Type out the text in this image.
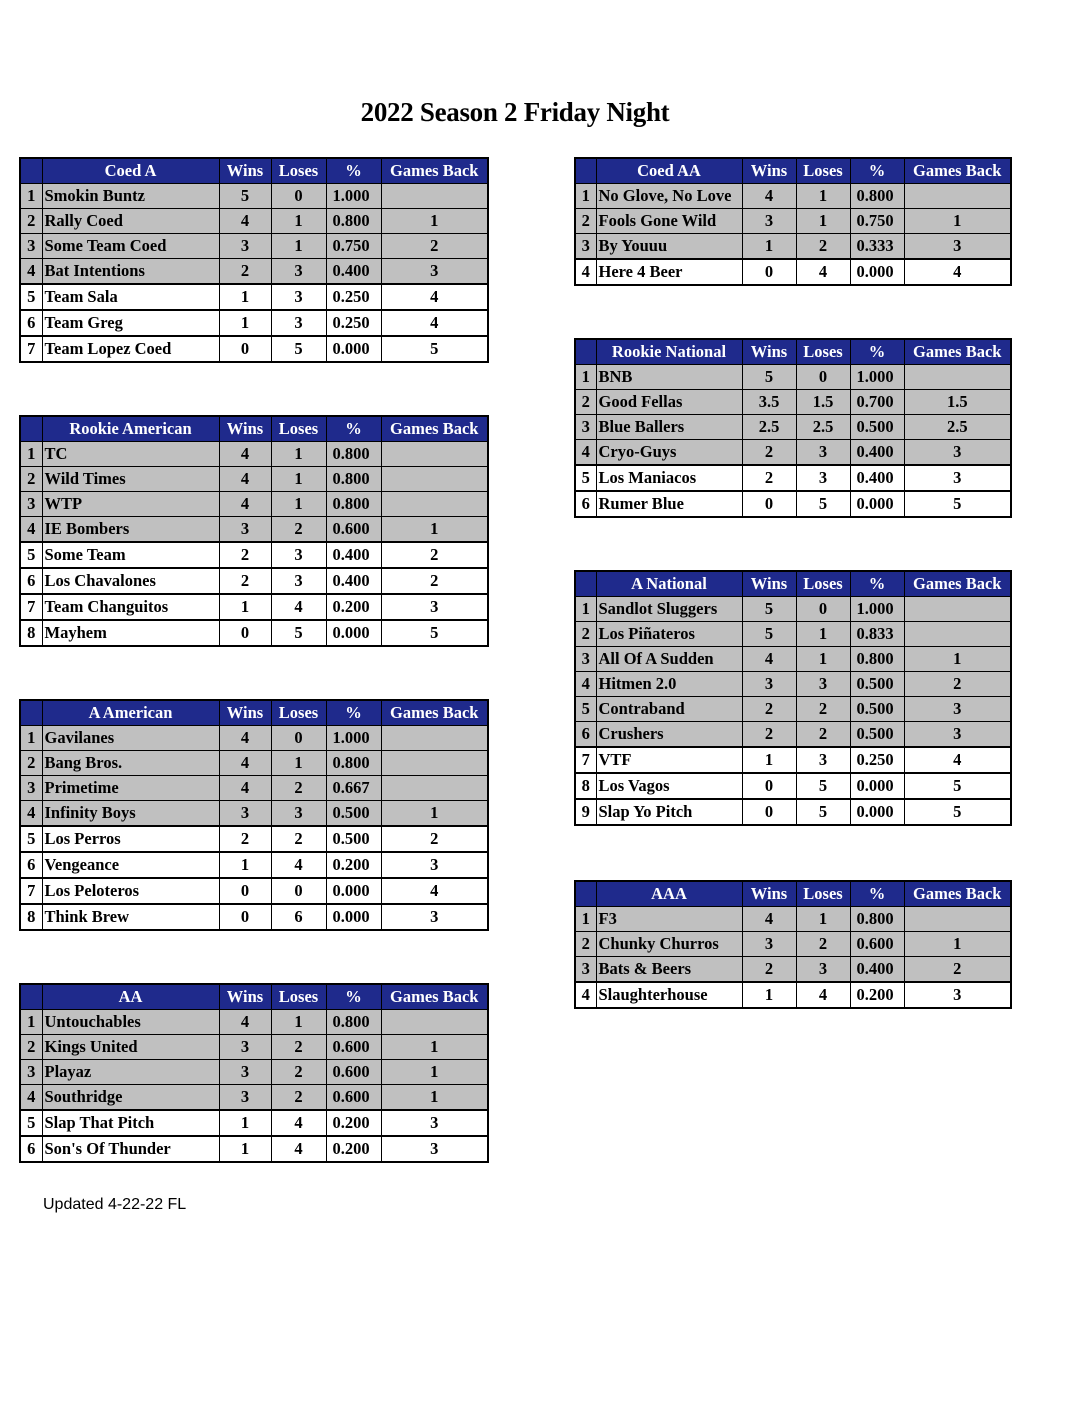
2022 Season 2 Friday Night
	Coed A	Wins	Loses	%	Games Back
1	Smokin Buntz	5	0	1.000	
2	Rally Coed	4	1	0.800	1
3	Some Team Coed	3	1	0.750	2
4	Bat Intentions	2	3	0.400	3
5	Team Sala	1	3	0.250	4
6	Team Greg	1	3	0.250	4
7	Team Lopez Coed	0	5	0.000	5
	Rookie American	Wins	Loses	%	Games Back
1	TC	4	1	0.800	
2	Wild Times	4	1	0.800	
3	WTP	4	1	0.800	
4	IE Bombers	3	2	0.600	1
5	Some Team	2	3	0.400	2
6	Los Chavalones	2	3	0.400	2
7	Team Changuitos	1	4	0.200	3
8	Mayhem	0	5	0.000	5
	A American	Wins	Loses	%	Games Back
1	Gavilanes	4	0	1.000	
2	Bang Bros.	4	1	0.800	
3	Primetime	4	2	0.667	
4	Infinity Boys	3	3	0.500	1
5	Los Perros	2	2	0.500	2
6	Vengeance	1	4	0.200	3
7	Los Peloteros	0	0	0.000	4
8	Think Brew	0	6	0.000	3
	AA	Wins	Loses	%	Games Back
1	Untouchables	4	1	0.800	
2	Kings United	3	2	0.600	1
3	Playaz	3	2	0.600	1
4	Southridge	3	2	0.600	1
5	Slap That Pitch	1	4	0.200	3
6	Son's Of Thunder	1	4	0.200	3
	Coed AA	Wins	Loses	%	Games Back
1	No Glove, No Love	4	1	0.800	
2	Fools Gone Wild	3	1	0.750	1
3	By Youuu	1	2	0.333	3
4	Here 4 Beer	0	4	0.000	4
	Rookie National	Wins	Loses	%	Games Back
1	BNB	5	0	1.000	
2	Good Fellas	3.5	1.5	0.700	1.5
3	Blue Ballers	2.5	2.5	0.500	2.5
4	Cryo-Guys	2	3	0.400	3
5	Los Maniacos	2	3	0.400	3
6	Rumer Blue	0	5	0.000	5
	A National	Wins	Loses	%	Games Back
1	Sandlot Sluggers	5	0	1.000	
2	Los Piñateros	5	1	0.833	
3	All Of A Sudden	4	1	0.800	1
4	Hitmen 2.0	3	3	0.500	2
5	Contraband	2	2	0.500	3
6	Crushers	2	2	0.500	3
7	VTF	1	3	0.250	4
8	Los Vagos	0	5	0.000	5
9	Slap Yo Pitch	0	5	0.000	5
	AAA	Wins	Loses	%	Games Back
1	F3	4	1	0.800	
2	Chunky Churros	3	2	0.600	1
3	Bats & Beers	2	3	0.400	2
4	Slaughterhouse	1	4	0.200	3
Updated 4-22-22 FL
